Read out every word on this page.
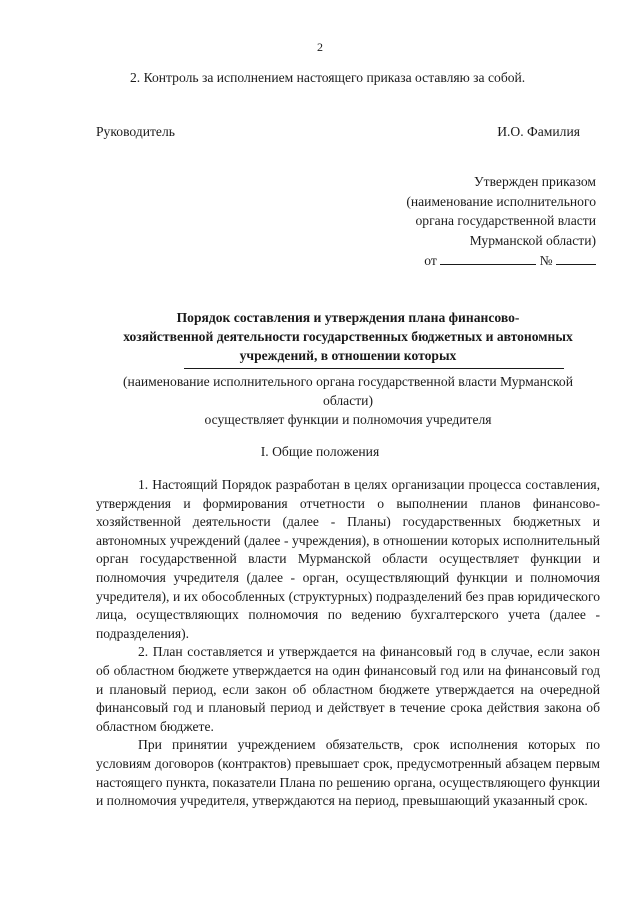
2
2. Контроль за исполнением настоящего приказа оставляю за собой.
Руководитель	И.О. Фамилия
Утвержден приказом
(наименование исполнительного
органа государственной власти
Мурманской области)
от	№
Порядок составления и утверждения плана финансово-
хозяйственной деятельности государственных бюджетных и автономных
учреждений, в отношении которых
(наименование исполнительного органа государственной власти Мурманской
области)
осуществляет функции и полномочия учредителя
I. Общие положения

1. Настоящий Порядок разработан в целях организации процесса составления, утверждения и формирования отчетности о выполнении планов финансово-хозяйственной деятельности (далее - Планы) государственных бюджетных и автономных учреждений (далее - учреждения), в отношении которых исполнительный орган государственной власти Мурманской области осуществляет функции и полномочия учредителя (далее - орган, осуществляющий функции и полномочия учредителя), и их обособленных (структурных) подразделений без прав юридического лица, осуществляющих полномочия по ведению бухгалтерского учета (далее - подразделения).

2. План составляется и утверждается на финансовый год в случае, если закон об областном бюджете утверждается на один финансовый год или на финансовый год и плановый период, если закон об областном бюджете утверждается на очередной финансовый год и плановый период и действует в течение срока действия закона об областном бюджете.

При принятии учреждением обязательств, срок исполнения которых по условиям договоров (контрактов) превышает срок, предусмотренный абзацем первым настоящего пункта, показатели Плана по решению органа, осуществляющего функции и полномочия учредителя, утверждаются на период, превышающий указанный срок.
